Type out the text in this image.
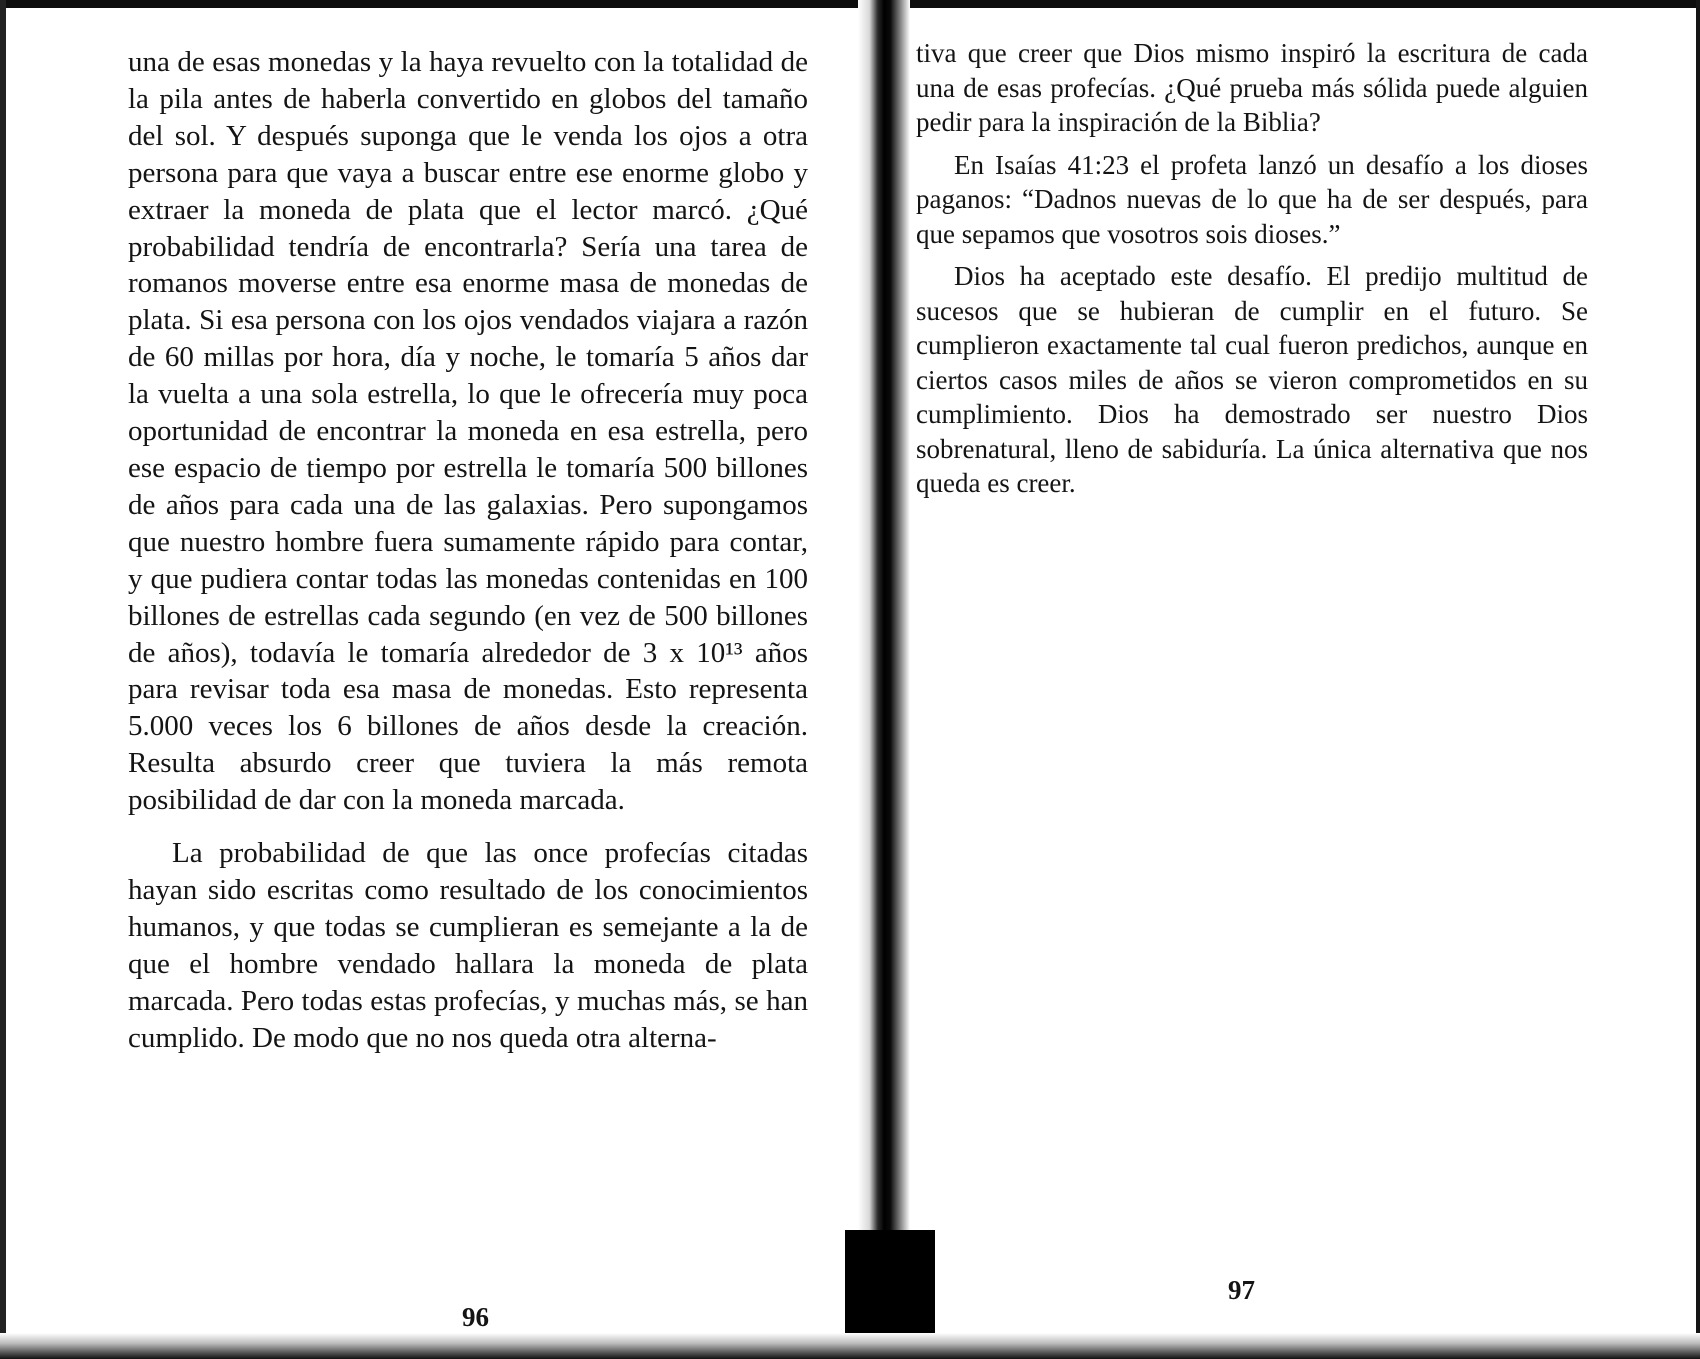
una de esas monedas y la haya revuelto con la totalidad de la pila antes de haberla convertido en globos del tamaño del sol. Y después suponga que le venda los ojos a otra persona para que vaya a buscar entre ese enorme globo y extraer la moneda de plata que el lector marcó. ¿Qué probabilidad tendría de encontrarla? Sería una tarea de romanos moverse entre esa enorme masa de monedas de plata. Si esa persona con los ojos vendados viajara a razón de 60 millas por hora, día y noche, le tomaría 5 años dar la vuelta a una sola estrella, lo que le ofrecería muy poca oportunidad de encontrar la moneda en esa estrella, pero ese espacio de tiempo por estrella le tomaría 500 billones de años para cada una de las galaxias. Pero supongamos que nuestro hombre fuera sumamente rápido para contar, y que pudiera contar todas las monedas contenidas en 100 billones de estrellas cada segundo (en vez de 500 billones de años), todavía le tomaría alrededor de 3 x 10¹³ años para revisar toda esa masa de monedas. Esto representa 5.000 veces los 6 billones de años desde la creación. Resulta absurdo creer que tuviera la más remota posibilidad de dar con la moneda marcada.

La probabilidad de que las once profecías citadas hayan sido escritas como resultado de los conocimientos humanos, y que todas se cumplieran es semejante a la de que el hombre vendado hallara la moneda de plata marcada. Pero todas estas profecías, y muchas más, se han cumplido. De modo que no nos queda otra alterna-

96

tiva que creer que Dios mismo inspiró la escritura de cada una de esas profecías. ¿Qué prueba más sólida puede alguien pedir para la inspiración de la Biblia?

En Isaías 41:23 el profeta lanzó un desafío a los dioses paganos: “Dadnos nuevas de lo que ha de ser después, para que sepamos que vosotros sois dioses.”

Dios ha aceptado este desafío. El predijo multitud de sucesos que se hubieran de cumplir en el futuro. Se cumplieron exactamente tal cual fueron predichos, aunque en ciertos casos miles de años se vieron comprometidos en su cumplimiento. Dios ha demostrado ser nuestro Dios sobrenatural, lleno de sabiduría. La única alternativa que nos queda es creer.

97
